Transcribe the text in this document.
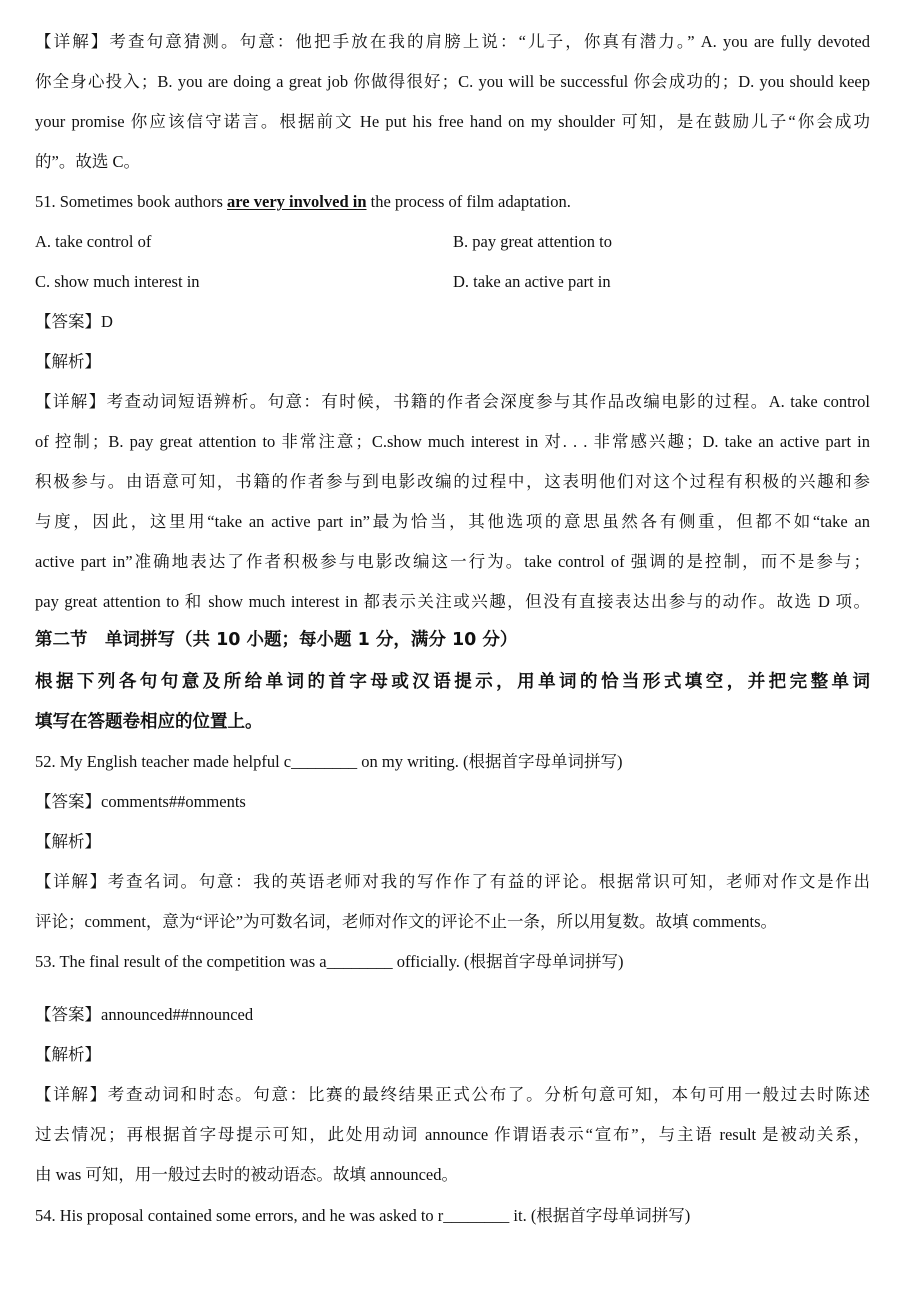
【详解】考查句意猜测。句意：他把手放在我的肩膀上说：“儿子，你真有潜力。” A. you are fully devoted
你全身心投入；B. you are doing a great job 你做得很好；C. you will be successful 你会成功的；D. you should keep
your promise 你应该信守诺言。根据前文 He put his free hand on my shoulder 可知，是在鼓励儿子“你会成功
的”。故选 C。
51. Sometimes book authors are very involved in the process of film adaptation.
A. take control of	B. pay great attention to
C. show much interest in	D. take an active part in
【答案】D
【解析】
【详解】考查动词短语辨析。句意：有时候，书籍的作者会深度参与其作品改编电影的过程。A. take control
of 控制；B. pay great attention to 非常注意；C.show much interest in 对. . . 非常感兴趣；D. take an active part in
积极参与。由语意可知，书籍的作者参与到电影改编的过程中，这表明他们对这个过程有积极的兴趣和参
与度，因此，这里用“take an active part in”最为恰当，其他选项的意思虽然各有侧重，但都不如“take an
active part in”准确地表达了作者积极参与电影改编这一行为。take control of 强调的是控制，而不是参与；
pay great attention to 和 show much interest in 都表示关注或兴趣，但没有直接表达出参与的动作。故选 D 项。
第二节　单词拼写（共 10 小题；每小题 1 分，满分 10 分）
根据下列各句句意及所给单词的首字母或汉语提示，用单词的恰当形式填空，并把完整单词
填写在答题卷相应的位置上。
52. My English teacher made helpful c________ on my writing. (根据首字母单词拼写)
【答案】comments##omments
【解析】
【详解】考查名词。句意：我的英语老师对我的写作作了有益的评论。根据常识可知，老师对作文是作出
评论；comment，意为“评论”为可数名词，老师对作文的评论不止一条，所以用复数。故填 comments。
53. The final result of the competition was a________ officially. (根据首字母单词拼写)
【答案】announced##nnounced
【解析】
【详解】考查动词和时态。句意：比赛的最终结果正式公布了。分析句意可知，本句可用一般过去时陈述
过去情况；再根据首字母提示可知，此处用动词 announce 作谓语表示“宣布”，与主语 result 是被动关系，
由 was 可知，用一般过去时的被动语态。故填 announced。
54. His proposal contained some errors, and he was asked to r________ it. (根据首字母单词拼写)
